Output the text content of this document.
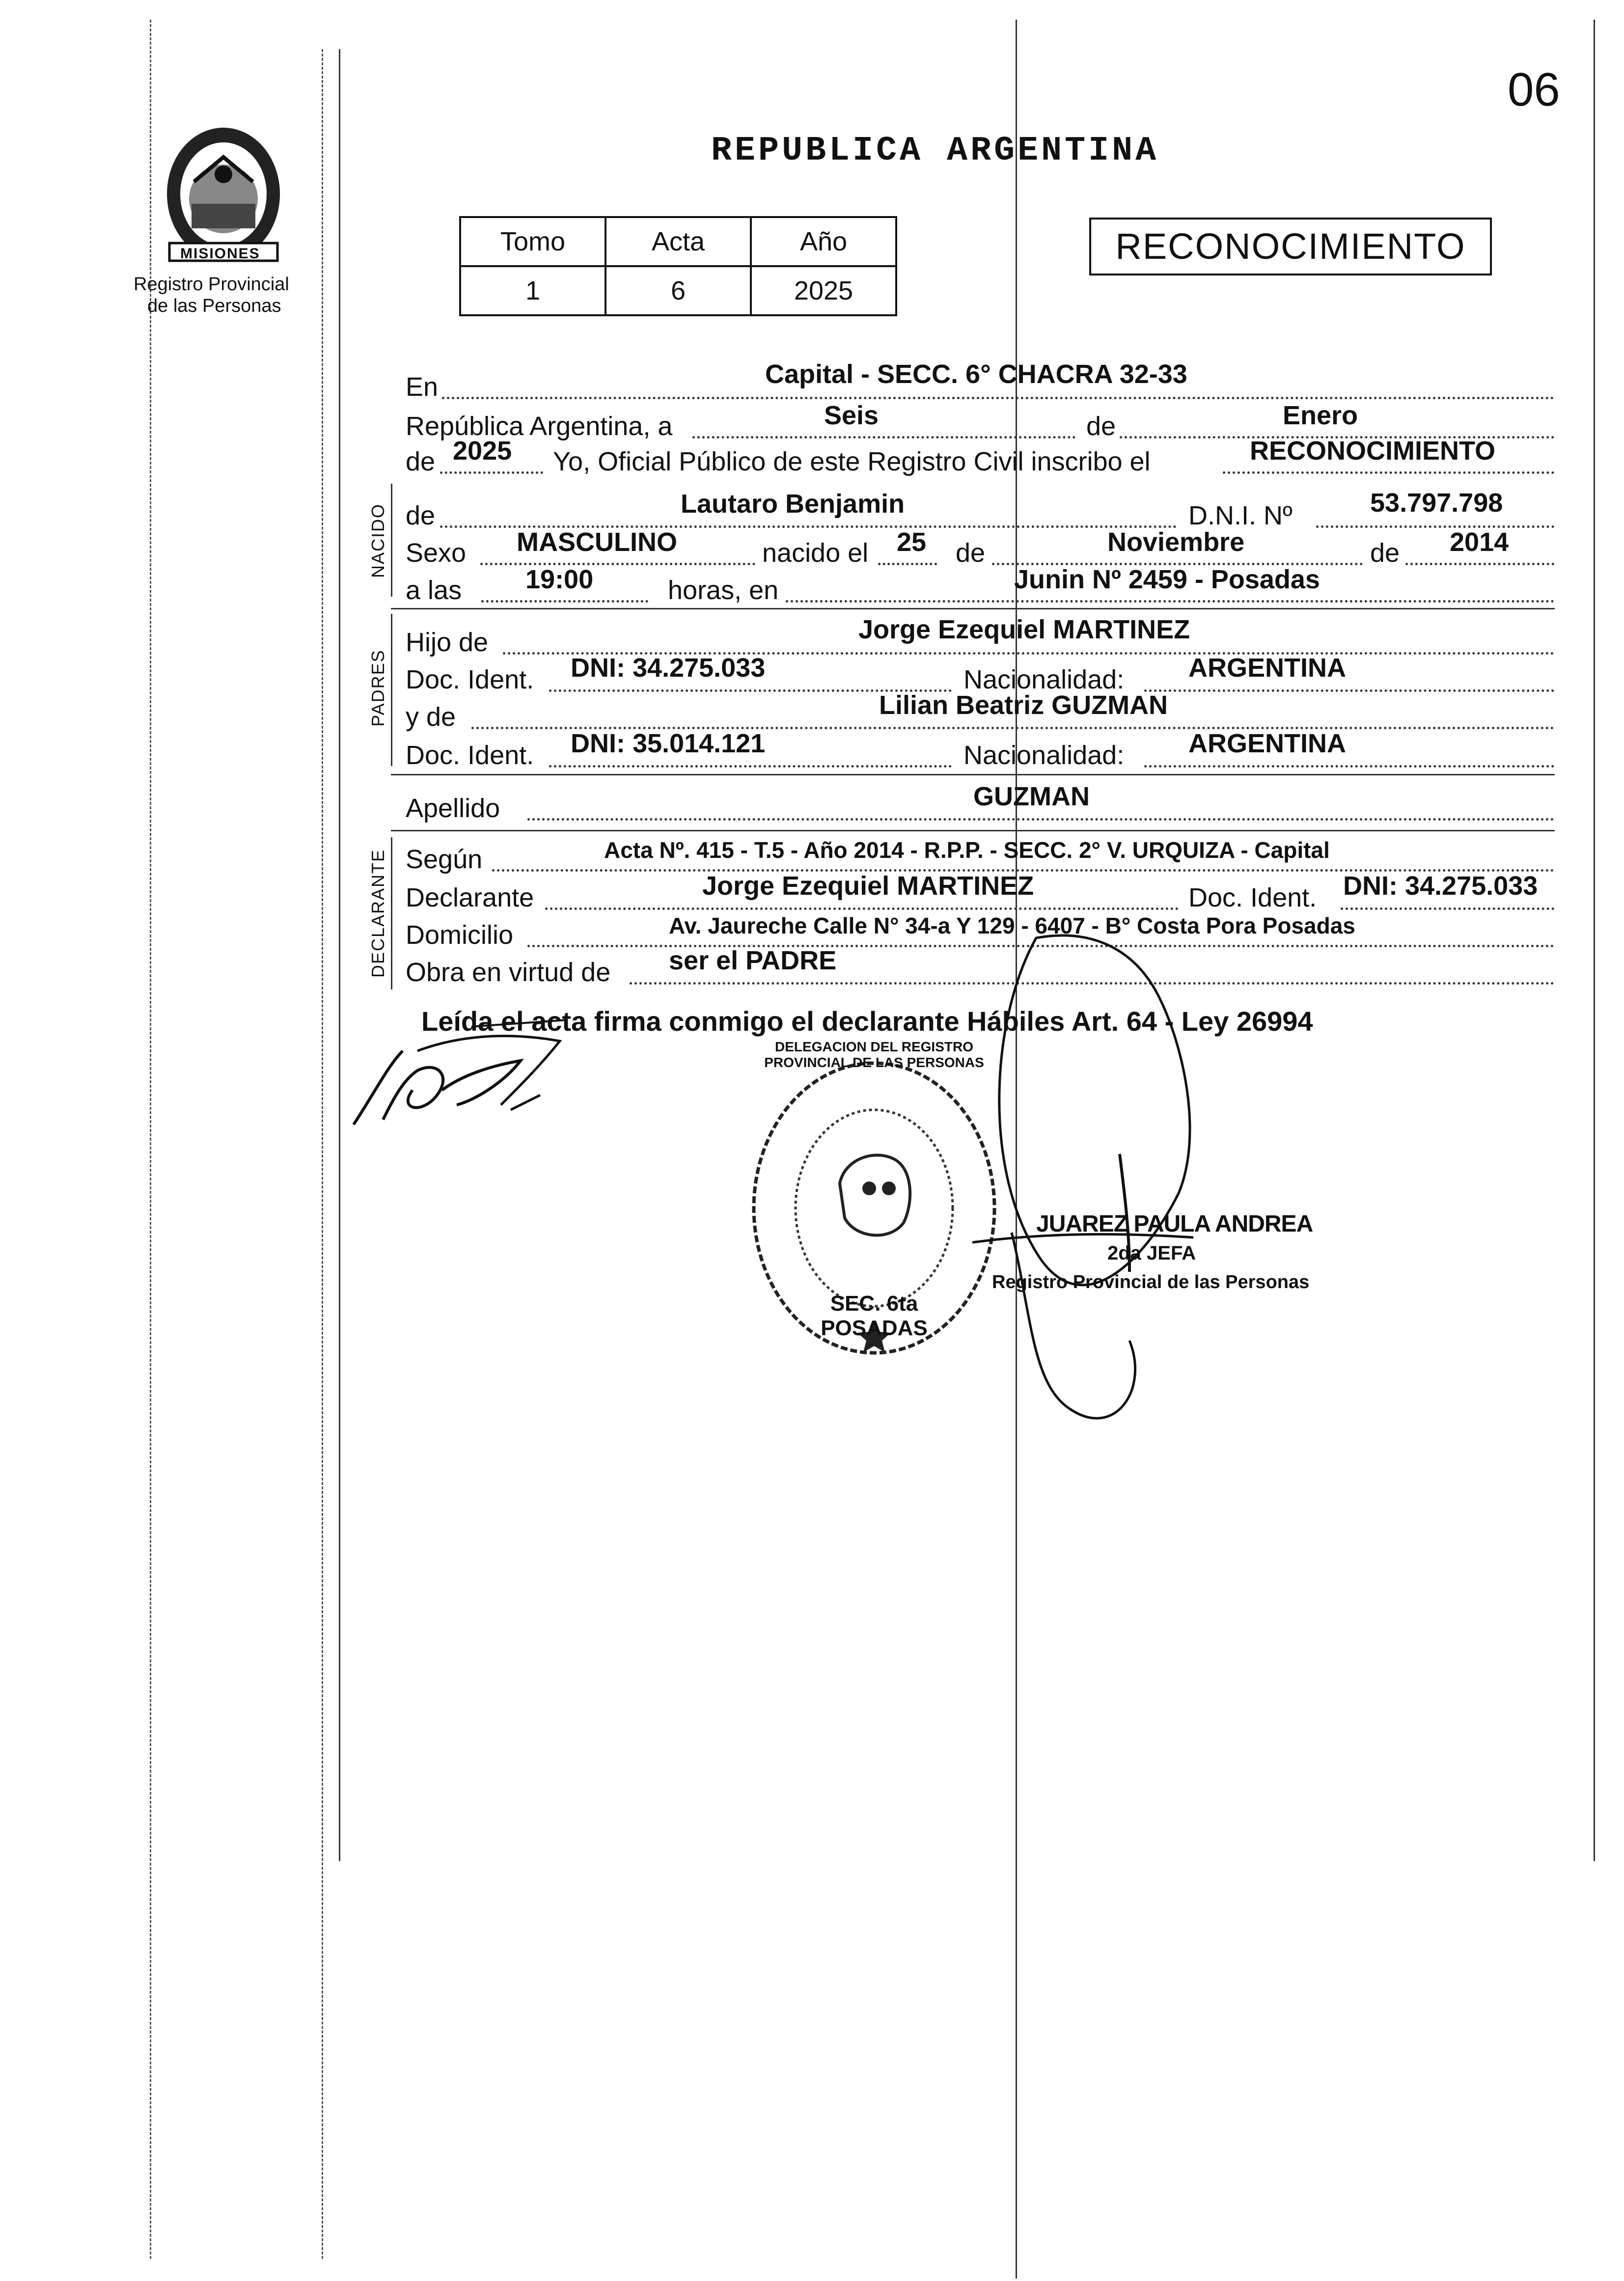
06
MISIONES
Registro Provincial
de las Personas
REPUBLICA ARGENTINA
Tomo	Acta	Año
1	6	2025
RECONOCIMIENTO
En	Capital - SECC. 6° CHACRA 32-33
República Argentina, a	Seis	de	Enero
de 2025 Yo, Oficial Público de este Registro Civil inscribo el	RECONOCIMIENTO
NACIDO de	Lautaro Benjamin	D.N.I. Nº	53.797.798
Sexo MASCULINO	nacido el 25 de	Noviembre	de 2014
a las 19:00	horas, en	Junin Nº 2459 - Posadas
PADRES
Hijo de	Jorge Ezequiel MARTINEZ
Doc. Ident. DNI: 34.275.033	Nacionalidad: ARGENTINA
y de	Lilian Beatriz GUZMAN
Doc. Ident. DNI: 35.014.121	Nacionalidad: ARGENTINA
Apellido	GUZMAN
DECLARANTE Según	Acta Nº. 415 - T.5 - Año 2014 - R.P.P. - SECC. 2° V. URQUIZA - Capital
Declarante	Jorge Ezequiel MARTINEZ	Doc. Ident. DNI: 34.275.033
Domicilio	Av. Jaureche Calle N° 34-a Y 129 - 6407 - B° Costa Pora Posadas
Obra en virtud de ser el PADRE
Leída el acta firma conmigo el declarante Hábiles Art. 64 - Ley 26994
DELEGACION DEL REGISTRO PROVINCIAL DE LAS PERSONAS
SEC. 6ta POSADAS
JUAREZ PAULA ANDREA
2da JEFA
Registro Provincial de las Personas
